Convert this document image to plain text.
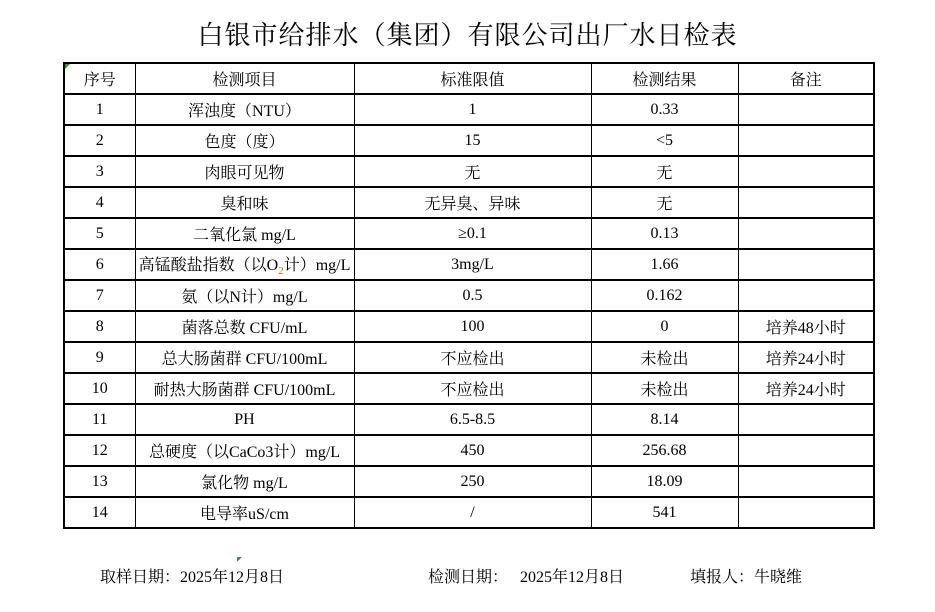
白银市给排水（集团）有限公司出厂水日检表
序号	检测项目	标准限值	检测结果	备注
1	浑浊度（NTU）	1	0.33	
2	色度（度）	15	<5	
3	肉眼可见物	无	无	
4	臭和味	无异臭、异味	无	
5	二氧化氯 mg/L	≥0.1	0.13	
6	高锰酸盐指数（以$O_2$计）mg/L	3mg/L	1.66	
7	氨（以N计）mg/L	0.5	0.162	
8	菌落总数 CFU/mL	100	0	培养48小时
9	总大肠菌群 CFU/100mL	不应检出	未检出	培养24小时
10	耐热大肠菌群 CFU/100mL	不应检出	未检出	培养24小时
11	PH	6.5-8.5	8.14	
12	总硬度（以CaCo3计）mg/L	450	256.68	
13	氯化物 mg/L	250	18.09	
14	电导率uS/cm	/	541	
取样日期：2025年12月8日	检测日期： 2025年12月8日	填报人：牛晓维
